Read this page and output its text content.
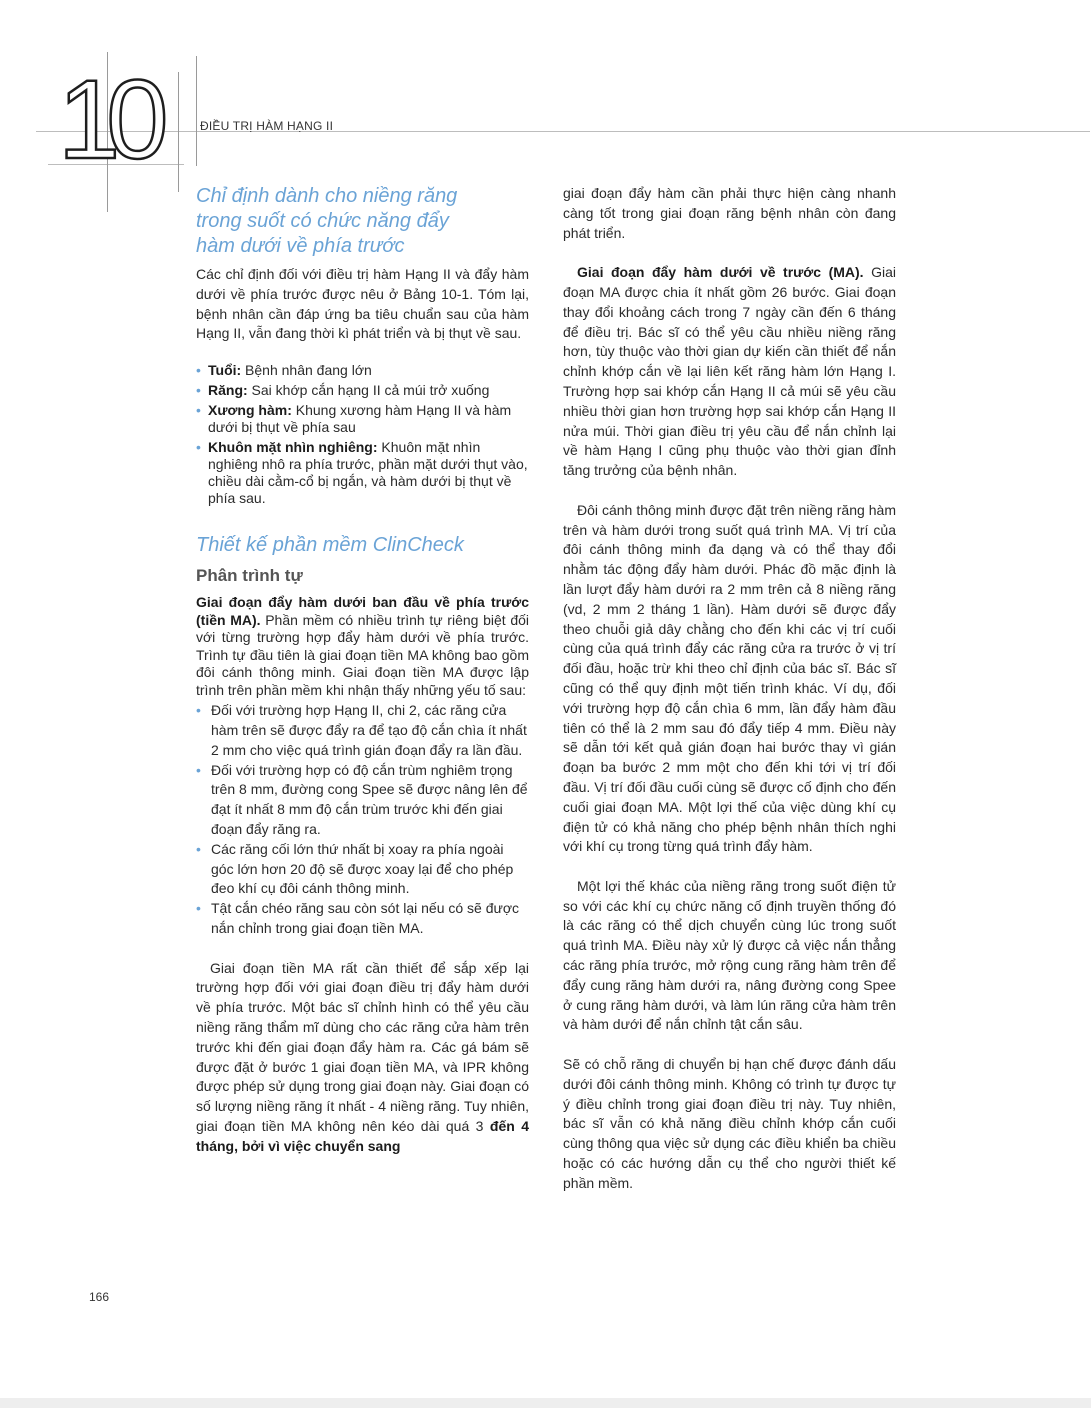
10	ĐIỀU TRỊ HÀM HẠNG II
Chỉ định dành cho niềng răng trong suốt có chức năng đẩy hàm dưới về phía trước

Các chỉ định đối với điều trị hàm Hạng II và đẩy hàm dưới về phía trước được nêu ở Bảng 10-1. Tóm lại, bệnh nhân cần đáp ứng ba tiêu chuẩn sau của hàm Hạng II, vẫn đang thời kì phát triển và bị thụt về sau.

• Tuổi: Bệnh nhân đang lớn
• Răng: Sai khớp cắn hạng II cả múi trở xuống
• Xương hàm: Khung xương hàm Hạng II và hàm dưới bị thụt về phía sau
• Khuôn mặt nhìn nghiêng: Khuôn mặt nhìn nghiêng nhô ra phía trước, phần mặt dưới thụt vào, chiều dài cằm-cổ bị ngắn, và hàm dưới bị thụt về phía sau.
Thiết kế phần mềm ClinCheck
Phân trình tự

Giai đoạn đẩy hàm dưới ban đầu về phía trước (tiền MA). Phần mềm có nhiều trình tự riêng biệt đối với từng trường hợp đẩy hàm dưới về phía trước. Trình tự đầu tiên là giai đoạn tiền MA không bao gồm đôi cánh thông minh. Giai đoạn tiền MA được lập trình trên phần mềm khi nhận thấy những yếu tố sau:

• Đối với trường hợp Hạng II, chi 2, các răng cửa hàm trên sẽ được đẩy ra để tạo độ cắn chìa ít nhất 2 mm cho việc quá trình gián đoạn đẩy ra lần đầu.
• Đối với trường hợp có độ cắn trùm nghiêm trọng trên 8 mm, đường cong Spee sẽ được nâng lên để đạt ít nhất 8 mm độ cắn trùm trước khi đến giai đoạn đẩy răng ra.
• Các răng cối lớn thứ nhất bị xoay ra phía ngoài góc lớn hơn 20 độ sẽ được xoay lại để cho phép đeo khí cụ đôi cánh thông minh.
• Tật cắn chéo răng sau còn sót lại nếu có sẽ được nắn chỉnh trong giai đoạn tiền MA.

Giai đoạn tiền MA rất cần thiết để sắp xếp lại trường hợp đối với giai đoạn điều trị đẩy hàm dưới về phía trước. Một bác sĩ chỉnh hình có thể yêu cầu niềng răng thẩm mĩ dùng cho các răng cửa hàm trên trước khi đến giai đoạn đẩy hàm ra. Các gá bám sẽ được đặt ở bước 1 giai đoạn tiền MA, và IPR không được phép sử dụng trong giai đoạn này. Giai đoạn có số lượng niềng răng ít nhất - 4 niềng răng. Tuy nhiên, giai đoạn tiền MA không nên kéo dài quá 3 đến 4 tháng, bởi vì việc chuyển sang

giai đoạn đẩy hàm cần phải thực hiện càng nhanh càng tốt trong giai đoạn răng bệnh nhân còn đang phát triển.

Giai đoạn đẩy hàm dưới về trước (MA). Giai đoạn MA được chia ít nhất gồm 26 bước. Giai đoạn thay đổi khoảng cách trong 7 ngày cần đến 6 tháng để điều trị. Bác sĩ có thể yêu cầu nhiều niềng răng hơn, tùy thuộc vào thời gian dự kiến cần thiết để nắn chỉnh khớp cắn về lại liên kết răng hàm lớn Hạng I. Trường hợp sai khớp cắn Hạng II cả múi sẽ yêu cầu nhiều thời gian hơn trường hợp sai khớp cắn Hạng II nửa múi. Thời gian điều trị yêu cầu để nắn chỉnh lại về hàm Hạng I cũng phụ thuộc vào thời gian đỉnh tăng trưởng của bệnh nhân.

Đôi cánh thông minh được đặt trên niềng răng hàm trên và hàm dưới trong suốt quá trình MA. Vị trí của đôi cánh thông minh đa dạng và có thể thay đổi nhằm tác động đẩy hàm dưới. Phác đồ mặc định là lần lượt đẩy hàm dưới ra 2 mm trên cả 8 niềng răng (vd, 2 mm 2 tháng 1 lần). Hàm dưới sẽ được đẩy theo chuỗi giả dây chằng cho đến khi các vị trí cuối cùng của quá trình đẩy các răng cửa ra trước ở vị trí đối đầu, hoặc trừ khi theo chỉ định của bác sĩ. Bác sĩ cũng có thể quy định một tiến trình khác. Ví dụ, đối với trường hợp độ cắn chìa 6 mm, lần đẩy hàm đầu tiên có thể là 2 mm sau đó đẩy tiếp 4 mm. Điều này sẽ dẫn tới kết quả gián đoạn hai bước thay vì gián đoạn ba bước 2 mm một cho đến khi tới vị trí đối đầu. Vị trí đối đầu cuối cùng sẽ được cố định cho đến cuối giai đoạn MA. Một lợi thế của việc dùng khí cụ điện tử có khả năng cho phép bệnh nhân thích nghi với khí cụ trong từng quá trình đẩy hàm.

Một lợi thế khác của niềng răng trong suốt điện tử so với các khí cụ chức năng cố định truyền thống đó là các răng có thể dịch chuyển cùng lúc trong suốt quá trình MA. Điều này xử lý được cả việc nắn thẳng các răng phía trước, mở rộng cung răng hàm trên để đẩy cung răng hàm dưới ra, nâng đường cong Spee ở cung răng hàm dưới, và làm lún răng cửa hàm trên và hàm dưới để nắn chỉnh tật cắn sâu.

Sẽ có chỗ răng di chuyển bị hạn chế được đánh dấu dưới đôi cánh thông minh. Không có trình tự được tự ý điều chỉnh trong giai đoạn điều trị này. Tuy nhiên, bác sĩ vẫn có khả năng điều chỉnh khớp cắn cuối cùng thông qua việc sử dụng các điều khiển ba chiều hoặc có các hướng dẫn cụ thể cho người thiết kế phần mềm.

166
